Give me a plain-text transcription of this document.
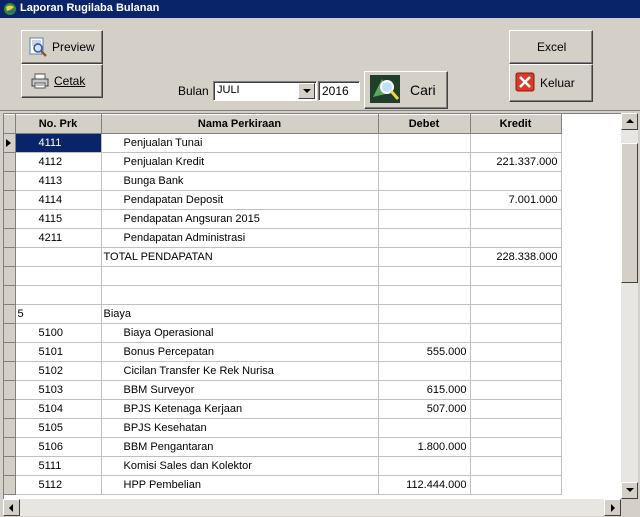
Laporan Rugilaba Bulanan
Preview
Cetak
Bulan JULI	2016	Cari
Excel
Keluar
	No. Prk	Nama Perkiraan	Debet	Kredit

	4111	Penjualan Tunai		
	4112	Penjualan Kredit		221.337.000
	4113	Bunga Bank		
	4114	Pendapatan Deposit		7.001.000
	4115	Pendapatan Angsuran 2015		
	4211	Pendapatan Administrasi		
		TOTAL PENDAPATAN		228.338.000

	5	Biaya		
	5100	Biaya Operasional		
	5101	Bonus Percepatan	555.000	
	5102	Cicilan Transfer Ke Rek Nurisa		
	5103	BBM Surveyor	615.000	
	5104	BPJS Ketenaga Kerjaan	507.000	
	5105	BPJS Kesehatan		
	5106	BBM Pengantaran	1.800.000	
	5111	Komisi Sales dan Kolektor		
	5112	HPP Pembelian	112.444.000	
